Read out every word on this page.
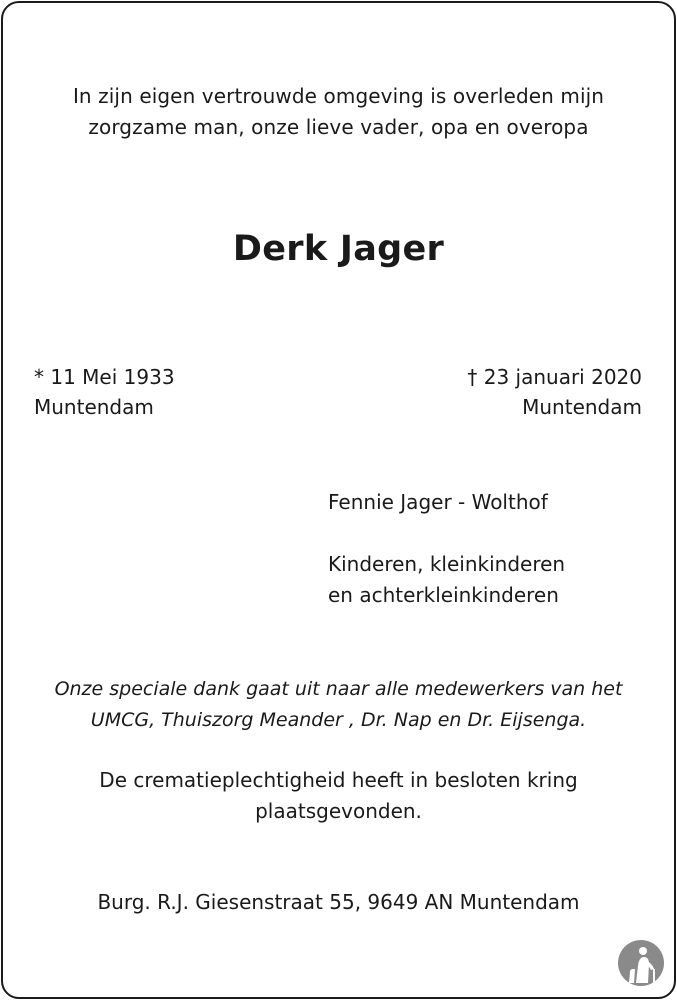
In zijn eigen vertrouwde omgeving is overleden mijn
zorgzame man, onze lieve vader, opa en overopa
Derk Jager
* 11 Mei 1933
Muntendam
† 23 januari 2020
Muntendam
Fennie Jager - Wolthof
Kinderen, kleinkinderen
en achterkleinkinderen
Onze speciale dank gaat uit naar alle medewerkers van het
UMCG, Thuiszorg Meander , Dr. Nap en Dr. Eijsenga.
De crematieplechtigheid heeft in besloten kring
plaatsgevonden.
Burg. R.J. Giesenstraat 55, 9649 AN Muntendam
